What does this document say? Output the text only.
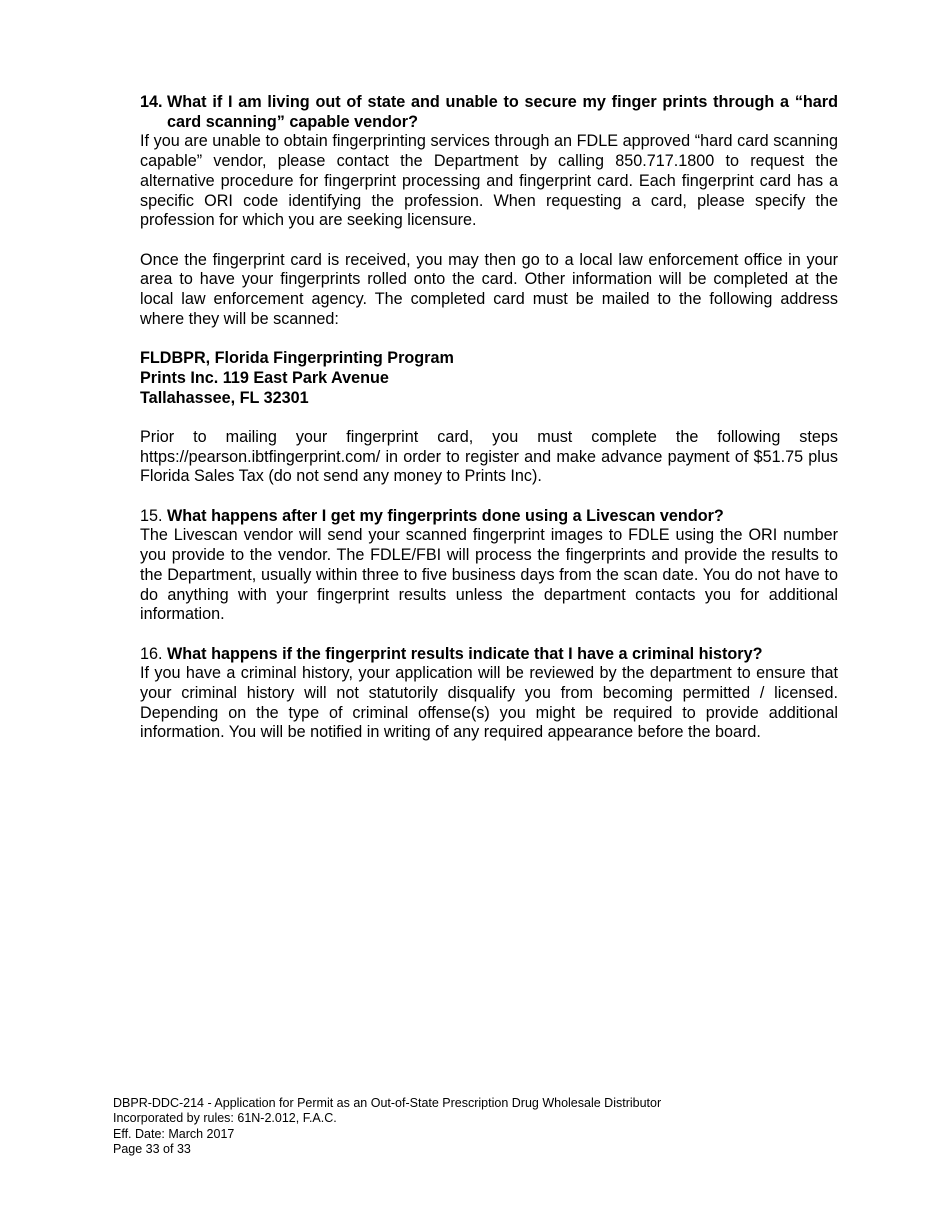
14. What if I am living out of state and unable to secure my finger prints through a “hard card scanning” capable vendor?

If you are unable to obtain fingerprinting services through an FDLE approved “hard card scanning capable” vendor, please contact the Department by calling 850.717.1800 to request the alternative procedure for fingerprint processing and fingerprint card. Each fingerprint card has a specific ORI code identifying the profession. When requesting a card, please specify the profession for which you are seeking licensure.

Once the fingerprint card is received, you may then go to a local law enforcement office in your area to have your fingerprints rolled onto the card. Other information will be completed at the local law enforcement agency. The completed card must be mailed to the following address where they will be scanned:

FLDBPR, Florida Fingerprinting Program
Prints Inc. 119 East Park Avenue
Tallahassee, FL 32301

Prior to mailing your fingerprint card, you must complete the following steps https://pearson.ibtfingerprint.com/ in order to register and make advance payment of $51.75 plus Florida Sales Tax (do not send any money to Prints Inc).

15. What happens after I get my fingerprints done using a Livescan vendor?

The Livescan vendor will send your scanned fingerprint images to FDLE using the ORI number you provide to the vendor. The FDLE/FBI will process the fingerprints and provide the results to the Department, usually within three to five business days from the scan date. You do not have to do anything with your fingerprint results unless the department contacts you for additional information.

16. What happens if the fingerprint results indicate that I have a criminal history?

If you have a criminal history, your application will be reviewed by the department to ensure that your criminal history will not statutorily disqualify you from becoming permitted / licensed. Depending on the type of criminal offense(s) you might be required to provide additional information. You will be notified in writing of any required appearance before the board.

DBPR-DDC-214 - Application for Permit as an Out-of-State Prescription Drug Wholesale Distributor
Incorporated by rules: 61N-2.012, F.A.C.
Eff. Date: March 2017
Page 33 of 33
